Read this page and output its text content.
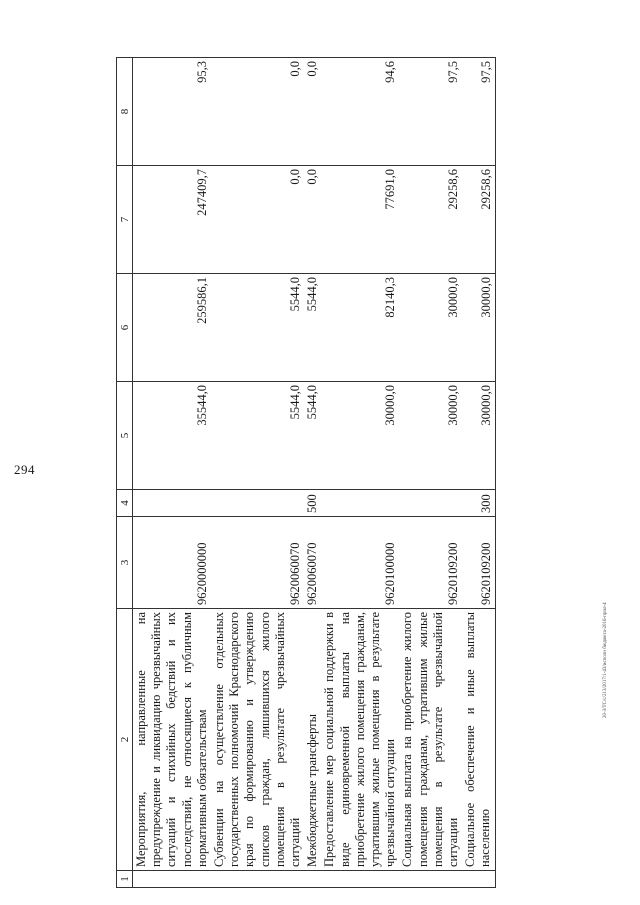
294
1	2	3	4	5	6	7	8
	Мероприятия, направленные на предупреждение и ликвидацию чрезвычайных ситуаций и стихийных бедствий и их последствий, не относящиеся к публичным нормативным обязательствам	9620000000		35544,0	259586,1	247409,7	95,3
	Субвенции на осуществление отдельных государственных полномочий Краснодарского края по формированию и утверждению списков граждан, лишившихся жилого помещения в результате чрезвычайных ситуаций	9620060070		5544,0	5544,0	0,0	0,0
	Межбюджетные трансферты	9620060070	500	5544,0	5544,0	0,0	0,0
	Предоставление мер социальной поддержки в виде единовременной выплаты на приобретение жилого помещения гражданам, утратившим жилые помещения в результате чрезвычайной ситуации	9620100000		30000,0	82140,3	77691,0	94,6
	Социальная выплата на приобретение жилого помещения гражданам, утратившим жилые помещения в результате чрезвычайной ситуации	9620109200		30000,0	30000,0	29258,6	97,5
	Социальное обеспечение и иные выплаты населению	9620109200	300	30000,0	30000,0	29258,6	97,5
20-3/ТС/с/213/2017/1-43/исполн бюджета-2016-прил-4
